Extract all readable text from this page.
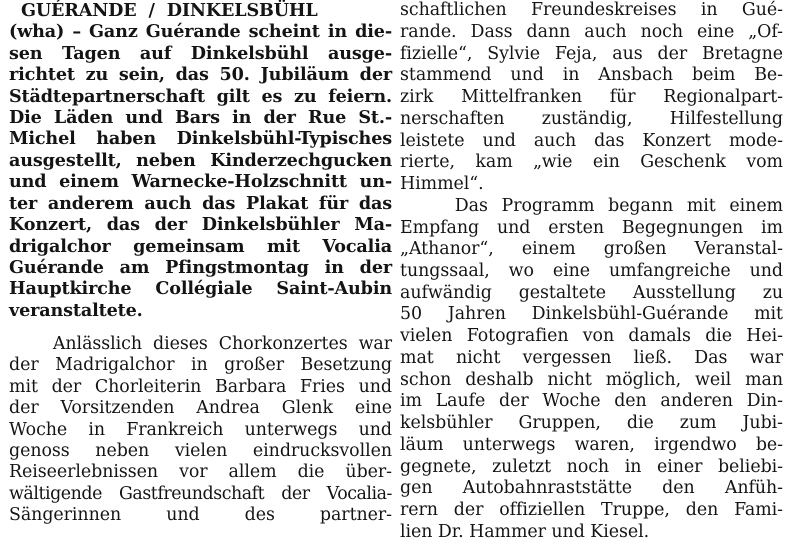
GUÉRANDE  /  DINKELSBÜHL
(wha) – Ganz Guérande scheint in die-
sen Tagen auf Dinkelsbühl ausge-
richtet zu sein, das 50. Jubiläum der
Städtepartnerschaft gilt es zu feiern.
Die Läden und Bars in der Rue St.-
Michel haben Dinkelsbühl-Typisches
ausgestellt, neben Kinderzechgucken
und einem Warnecke-Holzschnitt un-
ter anderem auch das Plakat für das
Konzert, das der Dinkelsbühler Ma-
drigalchor gemeinsam mit Vocalia
Guérande am Pfingstmontag in der
Hauptkirche Collégiale Saint-Aubin
veranstaltete.
Anlässlich dieses Chorkonzertes war
der Madrigalchor in großer Besetzung
mit der Chorleiterin Barbara Fries und
der Vorsitzenden Andrea Glenk eine
Woche in Frankreich unterwegs und
genoss neben vielen eindrucksvollen
Reiseerlebnissen vor allem die über-
wältigende Gastfreundschaft der Vocalia-
Sängerinnen und des partner-
schaftlichen Freundeskreises in Gué-
rande. Dass dann auch noch eine „Of-
fizielle“, Sylvie Feja, aus der Bretagne
stammend und in Ansbach beim Be-
zirk Mittelfranken für Regionalpart-
nerschaften zuständig, Hilfestellung
leistete und auch das Konzert mode-
rierte, kam „wie ein Geschenk vom
Himmel“.
Das Programm begann mit einem
Empfang und ersten Begegnungen im
„Athanor“, einem großen Veranstal-
tungssaal, wo eine umfangreiche und
aufwändig gestaltete Ausstellung zu
50 Jahren Dinkelsbühl-Guérande mit
vielen Fotografien von damals die Hei-
mat nicht vergessen ließ. Das war
schon deshalb nicht möglich, weil man
im Laufe der Woche den anderen Din-
kelsbühler Gruppen, die zum Jubi-
läum unterwegs waren, irgendwo be-
gegnete, zuletzt noch in einer beliebi-
gen Autobahnraststätte den Anfüh-
rern der offiziellen Truppe, den Fami-
lien Dr. Hammer und Kiesel.
